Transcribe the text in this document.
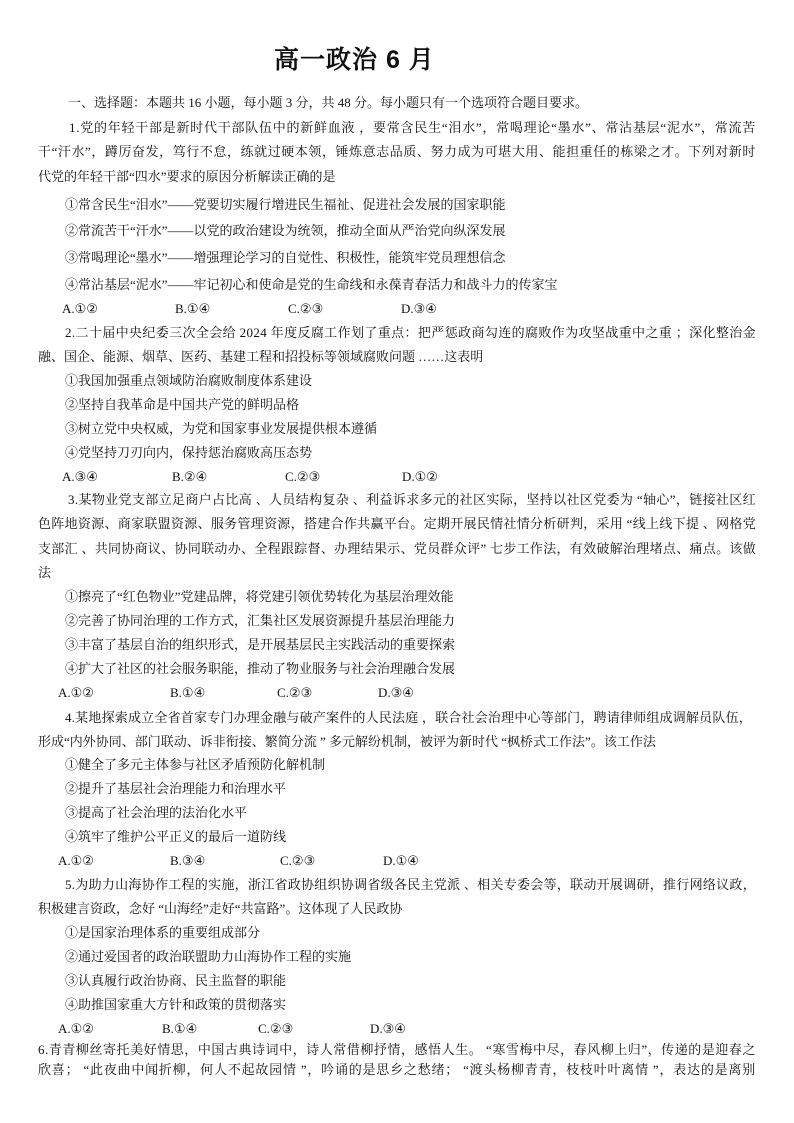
高一政治 6 月
一、选择题：本题共 16 小题，每小题 3 分，共 48 分。每小题只有一个选项符合题目要求。
1.党的年轻干部是新时代干部队伍中的新鲜血液 ，要常含民生“泪水”，常喝理论“墨水”、常沾基层“泥水”，常流苦
干“汗水”，蹲厉奋发，笃行不怠，练就过硬本领，锤炼意志品质、努力成为可堪大用、能担重任的栋梁之才。下列对新时
代党的年轻干部“四水”要求的原因分析解读正确的是
①常含民生“泪水”——党要切实履行增进民生福祉、促进社会发展的国家职能
②常流苦干“汗水”——以党的政治建设为统领，推动全面从严治党向纵深发展
③常喝理论“墨水”——增强理论学习的自觉性、积极性，能筑牢党员理想信念
④常沾基层“泥水”——牢记初心和使命是党的生命线和永葆青春活力和战斗力的传家宝
A.①②	B.①④	C.②③	D.③④
2.二十届中央纪委三次全会给 2024 年度反腐工作划了重点：把严惩政商勾连的腐败作为攻坚战重中之重 ；深化整治金
融、国企、能源、烟草、医药、基建工程和招投标等领域腐败问题 ……这表明
①我国加强重点领域防治腐败制度体系建设
②坚持自我革命是中国共产党的鲜明品格
③树立党中央权威，为党和国家事业发展提供根本遵循
④党坚持刀刃向内，保持惩治腐败高压态势
A.③④	B.②④	C.②③	D.①②
3.某物业党支部立足商户占比高 、人员结构复杂 、利益诉求多元的社区实际，坚持以社区党委为 “轴心”，链接社区红
色阵地资源、商家联盟资源、服务管理资源，搭建合作共赢平台。定期开展民情社情分析研判，采用 “线上线下提 、网格党
支部汇 、共同协商议、协同联动办、全程跟踪督、办理结果示、党员群众评” 七步工作法，有效破解治理堵点、痛点。该做
法
①擦亮了“红色物业”党建品牌，将党建引领优势转化为基层治理效能
②完善了协同治理的工作方式，汇集社区发展资源提升基层治理能力
③丰富了基层自治的组织形式，是开展基层民主实践活动的重要探索
④扩大了社区的社会服务职能，推动了物业服务与社会治理融合发展
A.①②	B.①④	C.②③	D.③④
4.某地探索成立全省首家专门办理金融与破产案件的人民法庭 ，联合社会治理中心等部门，聘请律师组成调解员队伍，
形成“内外协同、部门联动、诉非衔接、繁简分流 ” 多元解纷机制，被评为新时代 “枫桥式工作法”。该工作法
①健全了多元主体参与社区矛盾预防化解机制
②提升了基层社会治理能力和治理水平
③提高了社会治理的法治化水平
④筑牢了维护公平正义的最后一道防线
A.①②	B.③④	C.②③	D.①④
5.为助力山海协作工程的实施，浙江省政协组织协调省级各民主党派 、相关专委会等，联动开展调研，推行网络议政，
积极建言资政，念好 “山海经”走好“共富路”。这体现了人民政协
①是国家治理体系的重要组成部分
②通过爱国者的政治联盟助力山海协作工程的实施
③认真履行政治协商、民主监督的职能
④助推国家重大方针和政策的贯彻落实
A.①②	B.①④	C.②③	D.③④
6.青青柳丝寄托美好情思，中国古典诗词中，诗人常借柳抒情，感悟人生。 “寒雪梅中尽，春风柳上归”，传递的是迎春之
欣喜； “此夜曲中闻折柳，何人不起故园情 ”，吟诵的是思乡之愁绪； “渡头杨柳青青，枝枝叶叶离情 ”，表达的是离别
